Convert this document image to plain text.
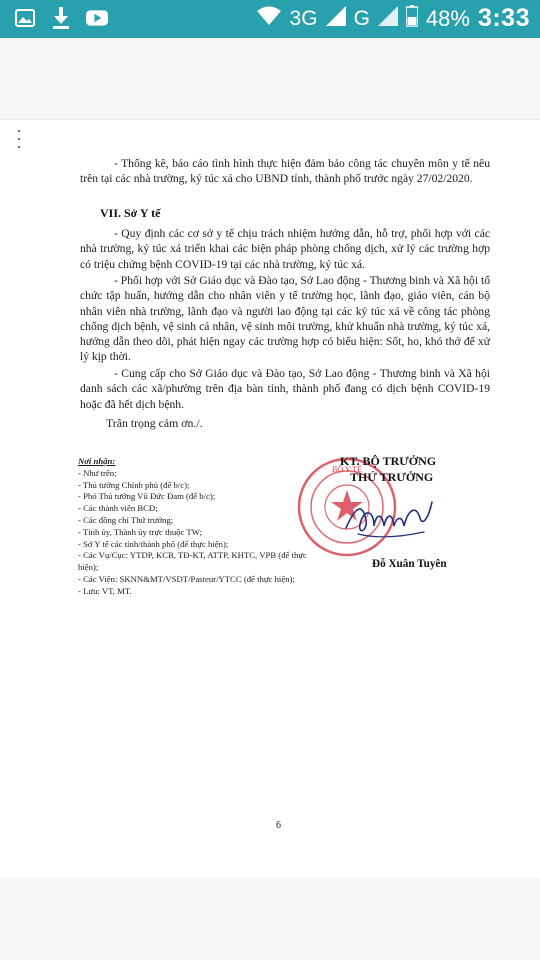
3G G	48% 3:33
- Thống kê, báo cáo tình hình thực hiện đảm bảo công tác chuyên môn y tế nêu trên tại các nhà trường, ký túc xá cho UBND tỉnh, thành phố trước ngày 27/02/2020.
VII. Sở Y tế
- Quy định các cơ sở y tế chịu trách nhiệm hướng dẫn, hỗ trợ, phối hợp với các nhà trường, ký túc xá triển khai các biện pháp phòng chống dịch, xử lý các trường hợp có triệu chứng bệnh COVID-19 tại các nhà trường, ký túc xá.
- Phối hợp với Sở Giáo dục và Đào tạo, Sở Lao động - Thương binh và Xã hội tổ chức tập huấn, hướng dẫn cho nhân viên y tế trường học, lãnh đạo, giáo viên, cán bộ nhân viên nhà trường, lãnh đạo và người lao động tại các ký túc xá về công tác phòng chống dịch bệnh, vệ sinh cá nhân, vệ sinh môi trường, khử khuẩn nhà trường, ký túc xá, hướng dẫn theo dõi, phát hiện ngay các trường hợp có biểu hiện: Sốt, ho, khó thở để xử lý kịp thời.
- Cung cấp cho Sở Giáo dục và Đào tạo, Sở Lao động - Thương binh và Xã hội danh sách các xã/phường trên địa bàn tỉnh, thành phố đang có dịch bệnh COVID-19 hoặc đã hết dịch bệnh.
Trân trọng cảm ơn./.
Nơi nhận:
- Như trên;
- Thủ tướng Chính phủ (để b/c);
- Phó Thủ tướng Vũ Đức Đam (để b/c);
- Các thành viên BCĐ;
- Các đồng chí Thứ trưởng;
- Tỉnh ủy, Thành ủy trực thuộc TW;
- Sở Y tế các tỉnh/thành phố (để thực hiện);
- Các Vụ/Cục: YTDP, KCB, TĐ-KT, ATTP, KHTC, VPB (để thực hiện);
- Các Viện: SKNN&MT/VSDT/Pasteur/YTCC (để thực hiện);
- Lưu: VT, MT.
BỘ Y TẾ
KT. BỘ TRƯỞNG
THỨ TRƯỞNG
Đỗ Xuân Tuyên
6
